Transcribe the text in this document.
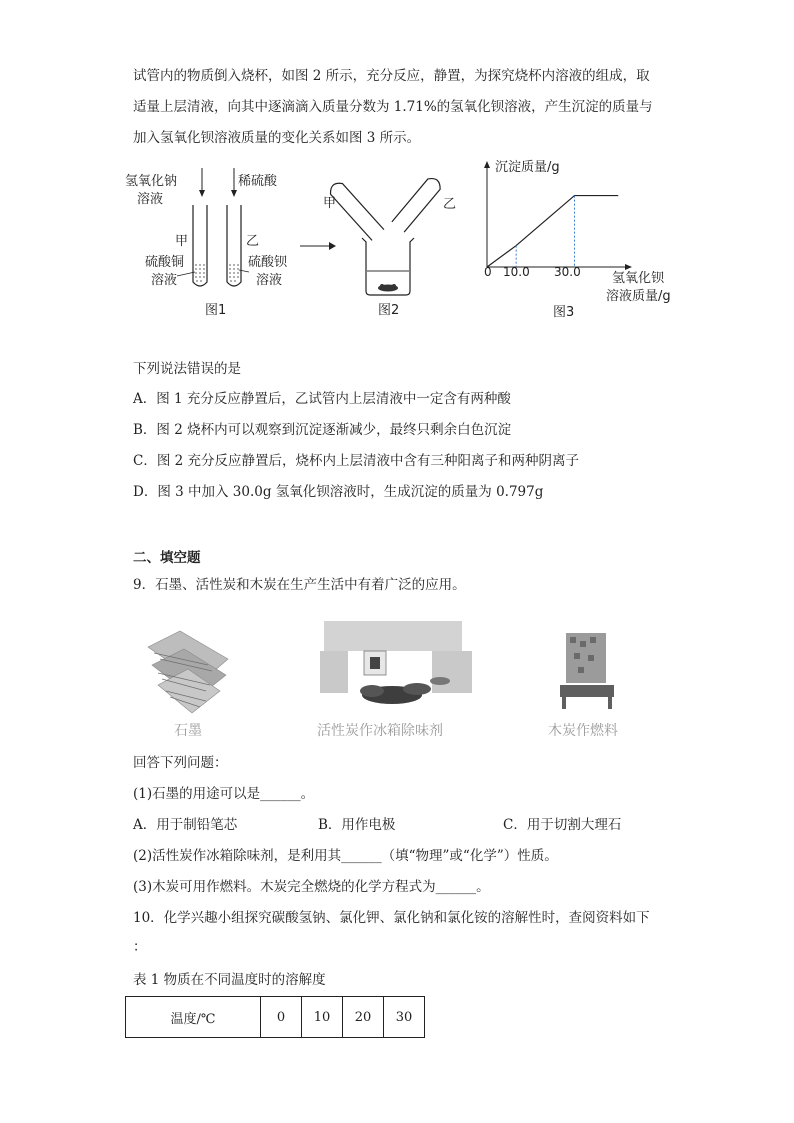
试管内的物质倒入烧杯，如图 2 所示，充分反应，静置，为探究烧杯内溶液的组成，取
适量上层清液，向其中逐滴滴入质量分数为 1.71%的氢氧化钡溶液，产生沉淀的质量与
加入氢氧化钡溶液质量的变化关系如图 3 所示。
氢氧化钠
溶液
稀硫酸
甲	乙
硫酸铜
溶液
硫酸钡
溶液
图1
甲	乙
图2
沉淀质量/g
0 10.0 30.0 氢氧化钡
溶液质量/g
图3
下列说法错误的是
A．图 1 充分反应静置后，乙试管内上层清液中一定含有两种酸
B．图 2 烧杯内可以观察到沉淀逐渐减少，最终只剩余白色沉淀
C．图 2 充分反应静置后，烧杯内上层清液中含有三种阳离子和两种阴离子
D．图 3 中加入 30.0g 氢氧化钡溶液时，生成沉淀的质量为 0.797g
二、填空题
9．石墨、活性炭和木炭在生产生活中有着广泛的应用。
石墨	活性炭作冰箱除味剂	木炭作燃料
回答下列问题：
(1)石墨的用途可以是______。
A．用于制铅笔芯	B．用作电极	C．用于切割大理石
(2)活性炭作冰箱除味剂，是利用其______（填“物理”或“化学”）性质。
(3)木炭可用作燃料。木炭完全燃烧的化学方程式为______。
10．化学兴趣小组探究碳酸氢钠、氯化钾、氯化钠和氯化铵的溶解性时，查阅资料如下
：
表 1 物质在不同温度时的溶解度
温度/℃	0	10	20	30
